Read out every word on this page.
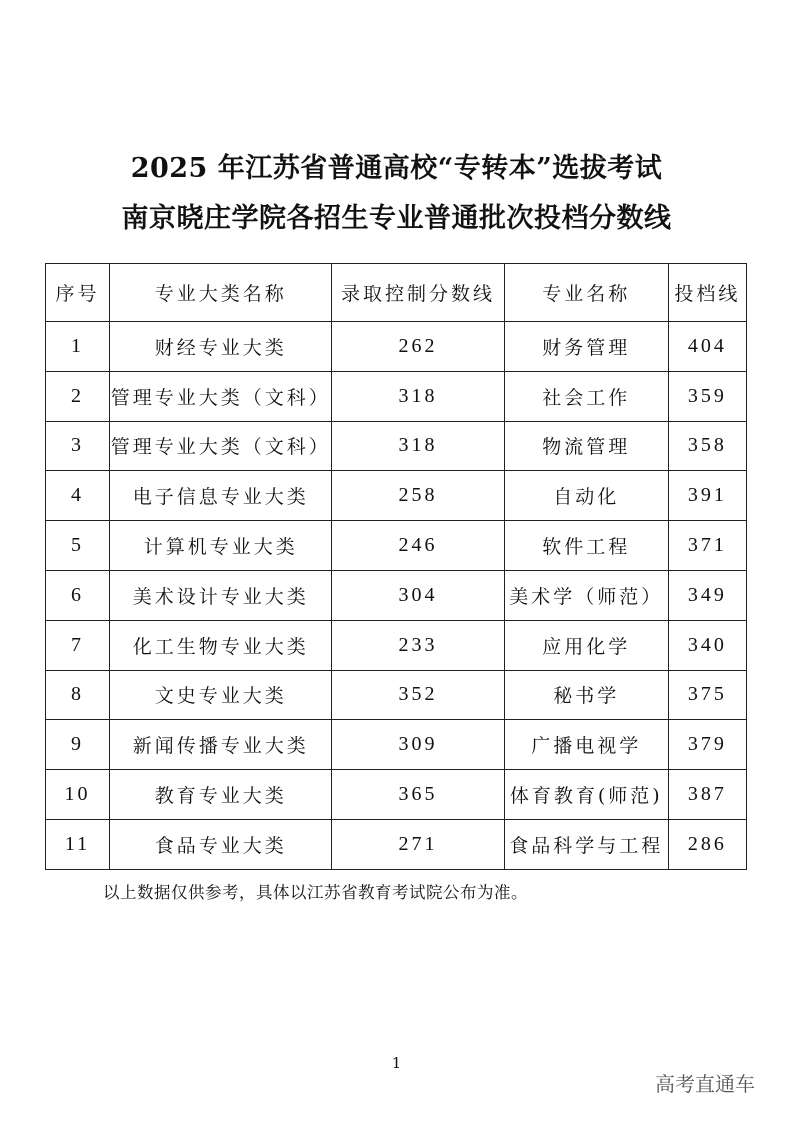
2025 年江苏省普通高校“专转本”选拔考试
南京晓庄学院各招生专业普通批次投档分数线
序号	专业大类名称	录取控制分数线	专业名称	投档线
1	财经专业大类	262	财务管理	404
2	管理专业大类（文科）	318	社会工作	359
3	管理专业大类（文科）	318	物流管理	358
4	电子信息专业大类	258	自动化	391
5	计算机专业大类	246	软件工程	371
6	美术设计专业大类	304	美术学（师范）	349
7	化工生物专业大类	233	应用化学	340
8	文史专业大类	352	秘书学	375
9	新闻传播专业大类	309	广播电视学	379
10	教育专业大类	365	体育教育(师范)	387
11	食品专业大类	271	食品科学与工程	286
以上数据仅供参考，具体以江苏省教育考试院公布为准。
1
高考直通车
